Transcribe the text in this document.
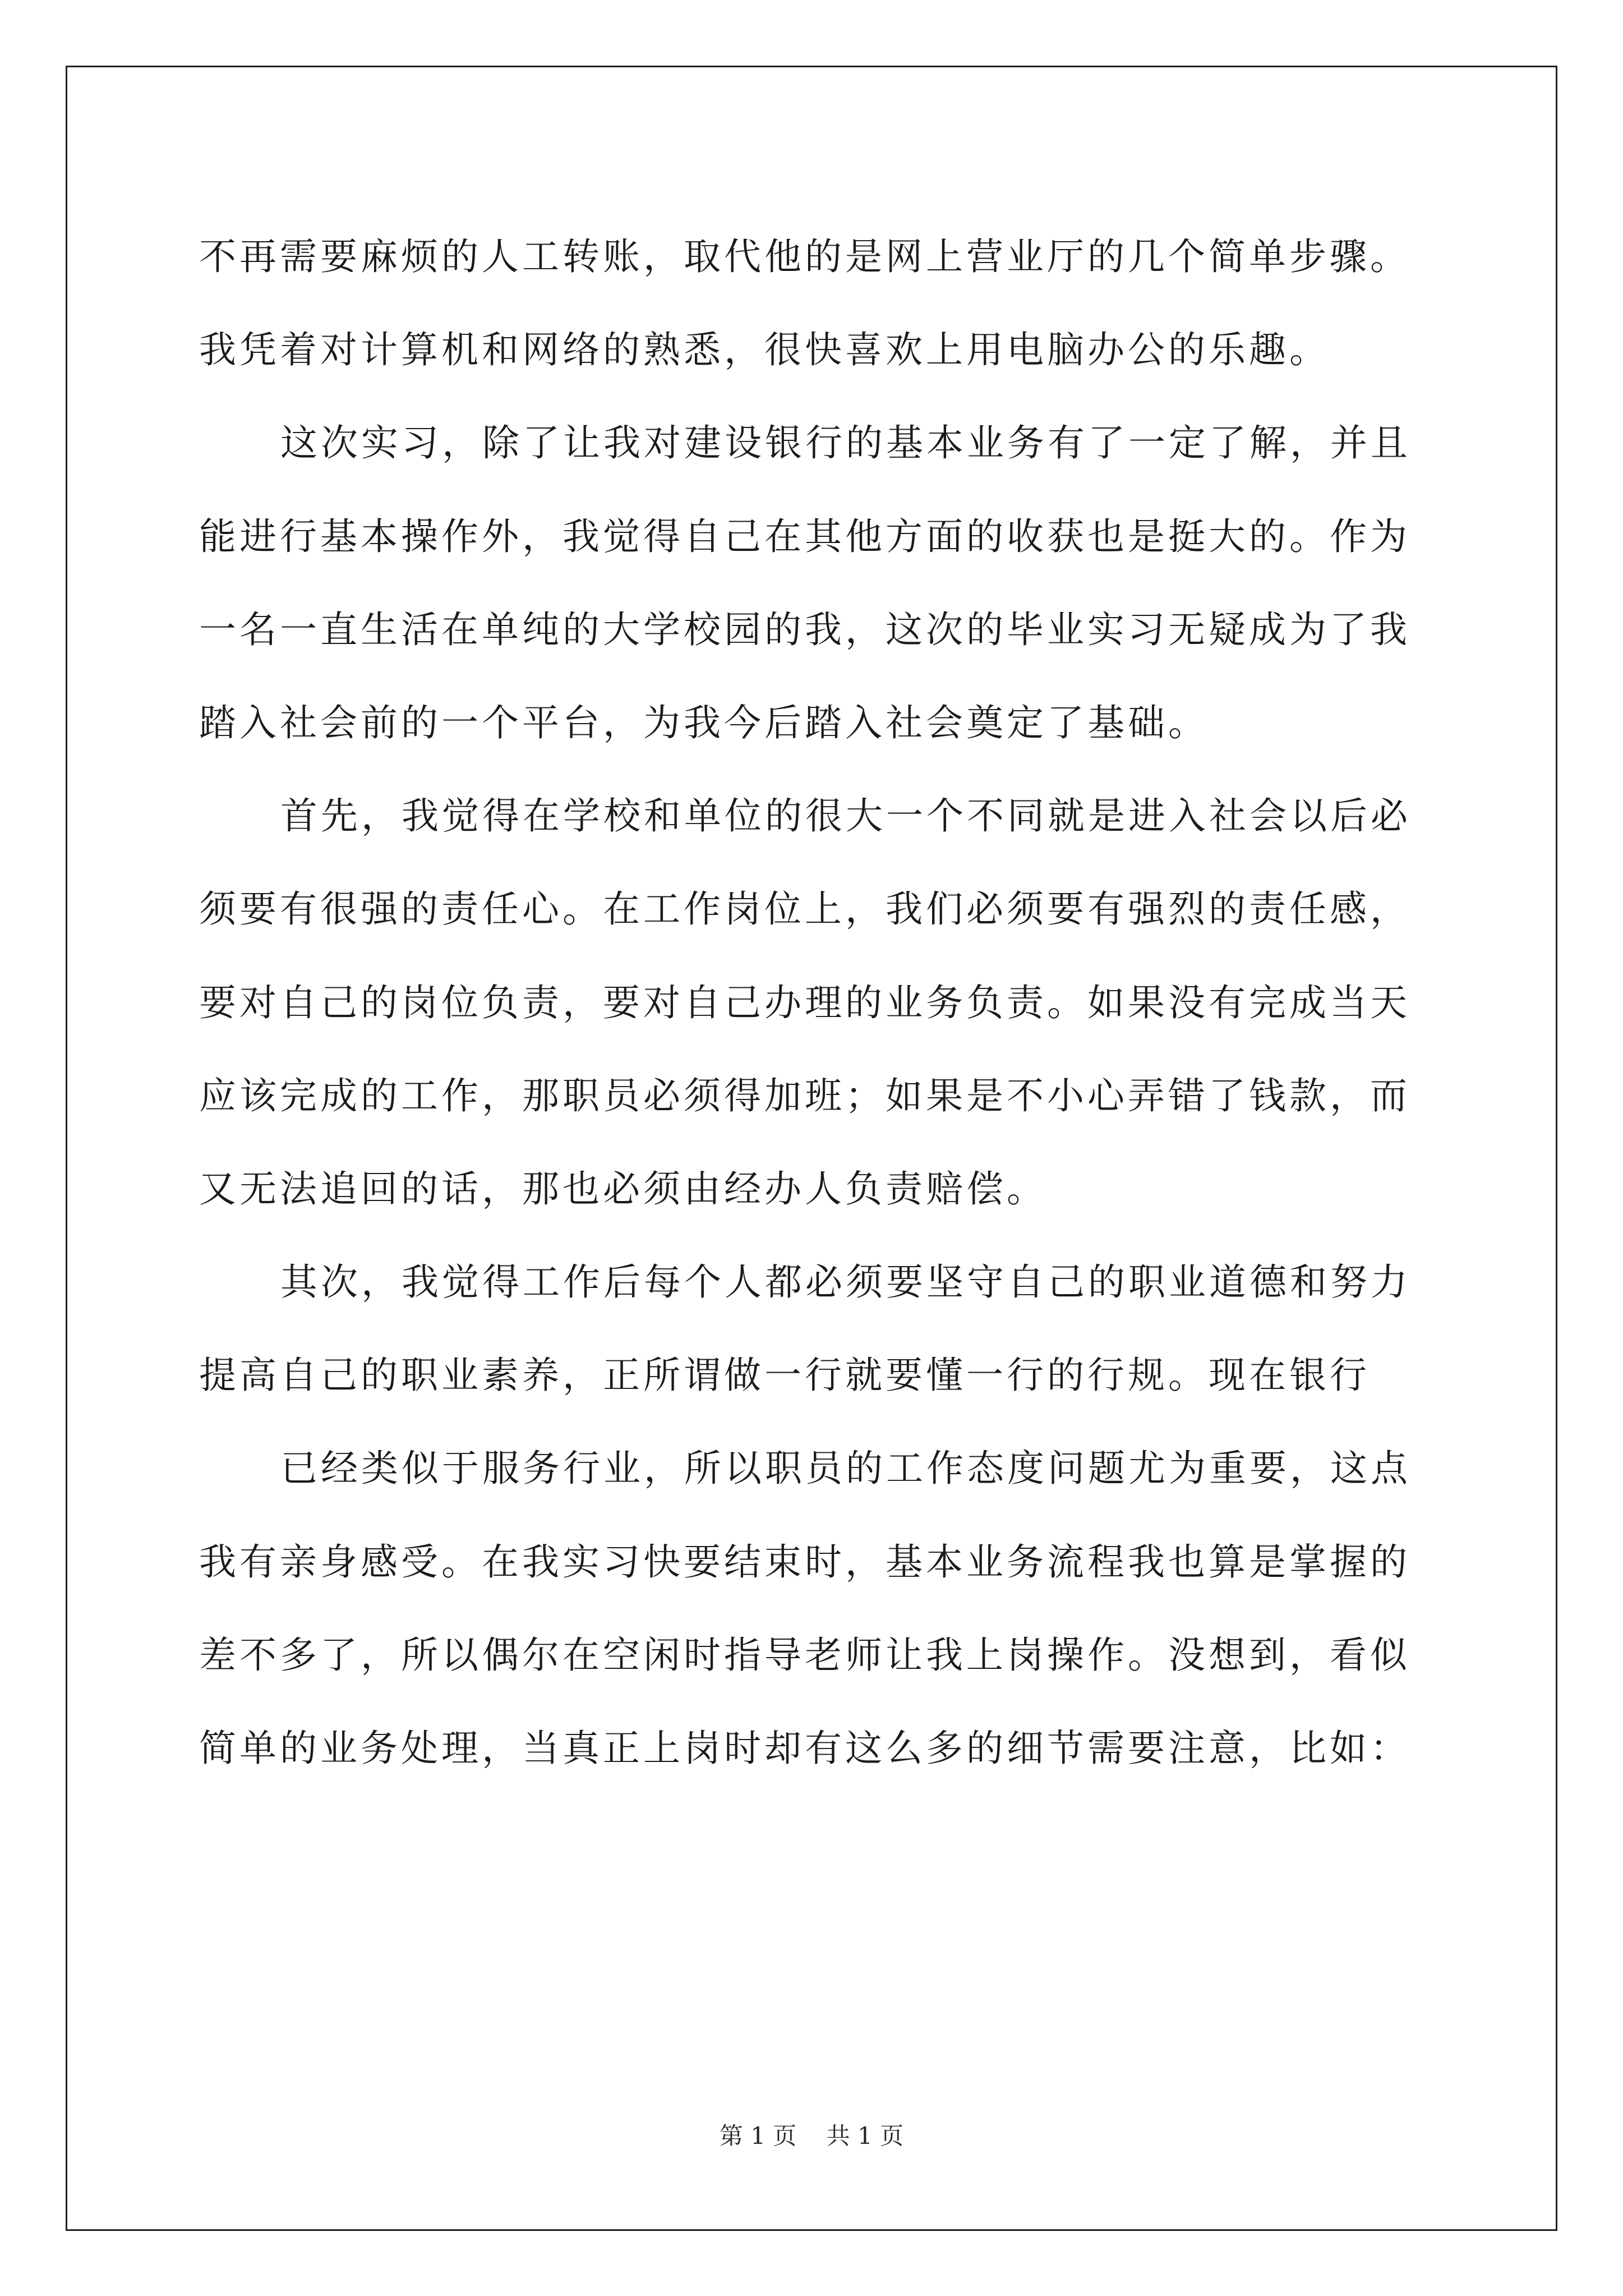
不再需要麻烦的人工转账，取代他的是网上营业厅的几个简单步骤。
我凭着对计算机和网络的熟悉，很快喜欢上用电脑办公的乐趣。
这次实习，除了让我对建设银行的基本业务有了一定了解，并且
能进行基本操作外，我觉得自己在其他方面的收获也是挺大的。作为
一名一直生活在单纯的大学校园的我，这次的毕业实习无疑成为了我
踏入社会前的一个平台，为我今后踏入社会奠定了基础。
首先，我觉得在学校和单位的很大一个不同就是进入社会以后必
须要有很强的责任心。在工作岗位上，我们必须要有强烈的责任感，
要对自己的岗位负责，要对自己办理的业务负责。如果没有完成当天
应该完成的工作，那职员必须得加班；如果是不小心弄错了钱款，而
又无法追回的话，那也必须由经办人负责赔偿。
其次，我觉得工作后每个人都必须要坚守自己的职业道德和努力
提高自己的职业素养，正所谓做一行就要懂一行的行规。现在银行
已经类似于服务行业，所以职员的工作态度问题尤为重要，这点
我有亲身感受。在我实习快要结束时，基本业务流程我也算是掌握的
差不多了，所以偶尔在空闲时指导老师让我上岗操作。没想到，看似
简单的业务处理，当真正上岗时却有这么多的细节需要注意，比如：
第 1 页 共 1 页
